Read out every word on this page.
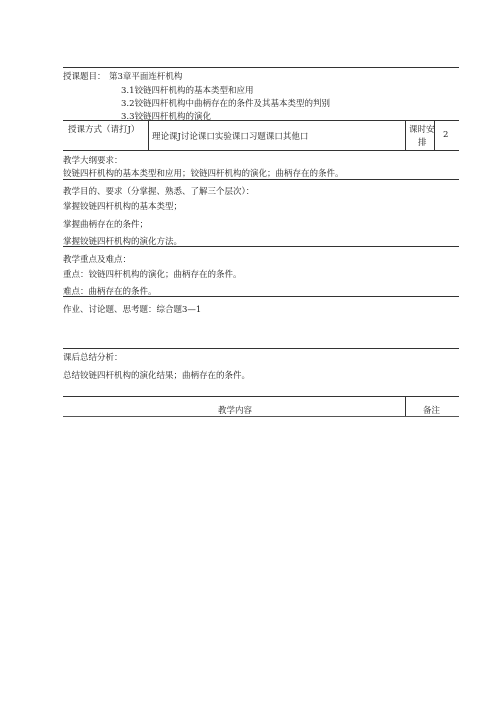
授课题目： 第3章平面连杆机构
3.1铰链四杆机构的基本类型和应用
3.2铰链四杆机构中曲柄存在的条件及其基本类型的判别
3.3铰链四杆机构的演化
授课方式（请打J）
理论课J讨论课口实验课口习题课口其他口
课时安
排
2
教学大纲要求：
铰链四杆机构的基本类型和应用；铰链四杆机构的演化；曲柄存在的条件。
教学目的、要求（分掌握、熟悉、了解三个层次）：
掌握铰链四杆机构的基本类型；
掌握曲柄存在的条件；
掌握铰链四杆机构的演化方法。
教学重点及难点：
重点：铰链四杆机构的演化；曲柄存在的条件。
难点：曲柄存在的条件。
作业、讨论题、思考题：综合题3—1
课后总结分析：
总结铰链四杆机构的演化结果；曲柄存在的条件。
教学内容	备注
